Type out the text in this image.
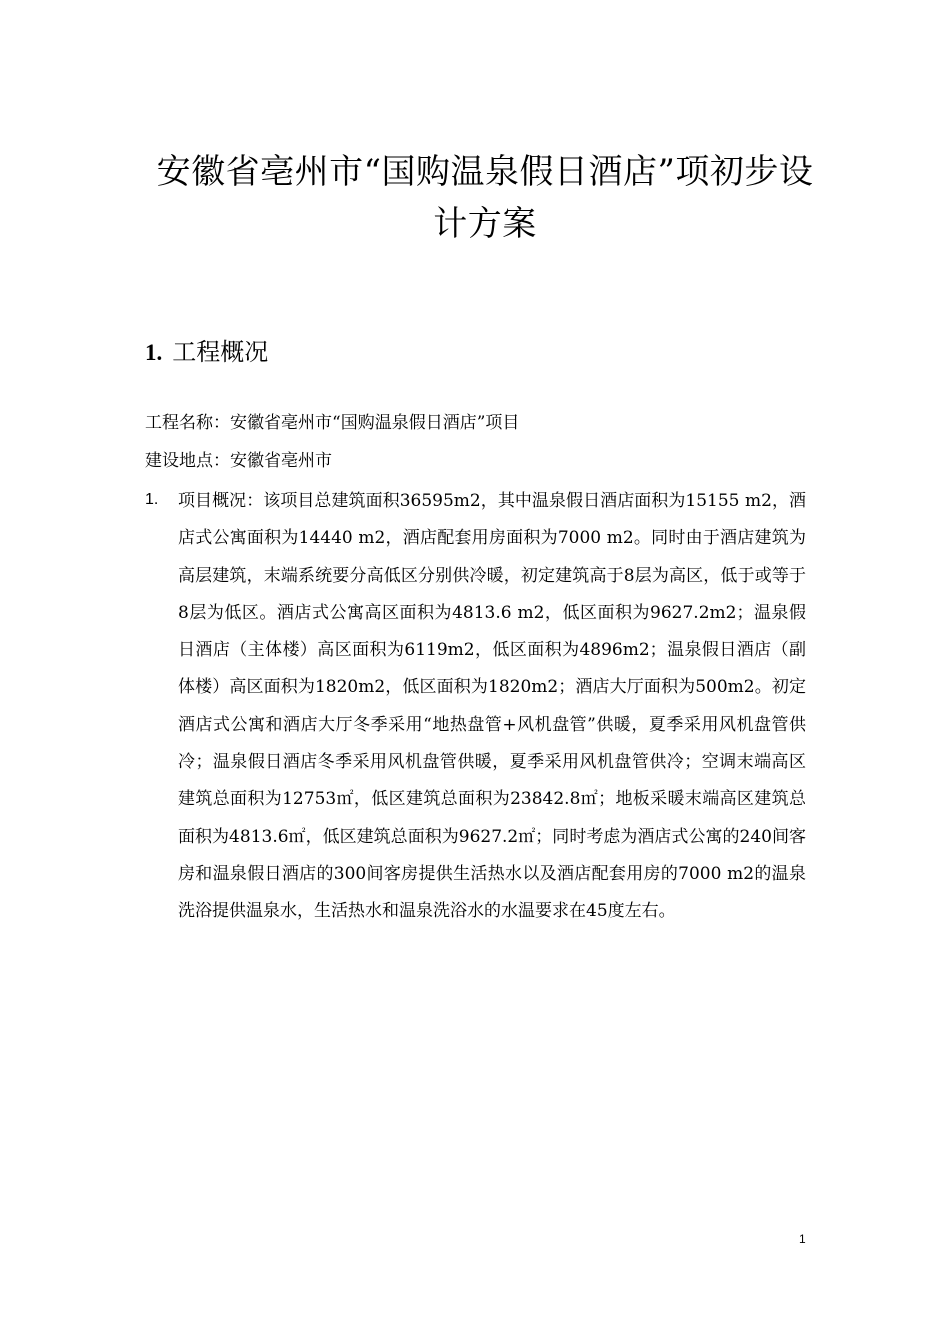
安徽省亳州市“国购温泉假日酒店”项初步设计方案
1. 工程概况
工程名称：安徽省亳州市“国购温泉假日酒店”项目
建设地点：安徽省亳州市
1. 项目概况：该项目总建筑面积36595m2，其中温泉假日酒店面积为15155 m2，酒店式公寓面积为14440 m2，酒店配套用房面积为7000 m2。同时由于酒店建筑为高层建筑，末端系统要分高低区分别供冷暖，初定建筑高于8层为高区，低于或等于8层为低区。酒店式公寓高区面积为4813.6 m2，低区面积为9627.2m2；温泉假日酒店（主体楼）高区面积为6119m2，低区面积为4896m2；温泉假日酒店（副体楼）高区面积为1820m2，低区面积为1820m2；酒店大厅面积为500m2。初定酒店式公寓和酒店大厅冬季采用“地热盘管+风机盘管”供暖，夏季采用风机盘管供冷；温泉假日酒店冬季采用风机盘管供暖，夏季采用风机盘管供冷；空调末端高区建筑总面积为12753㎡，低区建筑总面积为23842.8㎡；地板采暖末端高区建筑总面积为4813.6㎡，低区建筑总面积为9627.2㎡；同时考虑为酒店式公寓的240间客房和温泉假日酒店的300间客房提供生活热水以及酒店配套用房的7000 m2的温泉洗浴提供温泉水，生活热水和温泉洗浴水的水温要求在45度左右。
1
